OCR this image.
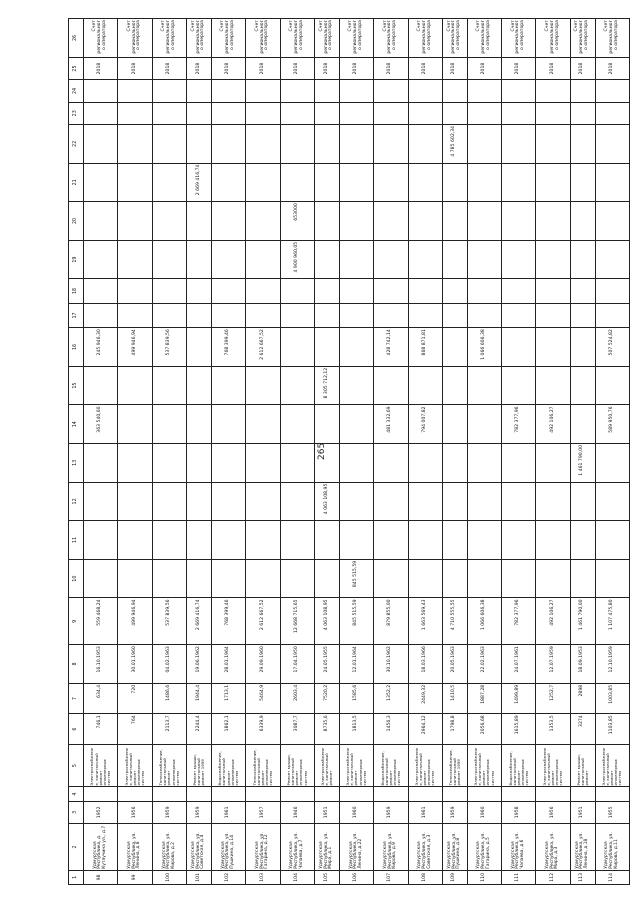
265
1	2	3	4	5	6	7	8	9	10	11	12	13	14	15	16	17	18	19	20	21	22	23	24	25	26
98	Удмуртская Республика, д. Кутлучина ул., д.7	1952		Электроснабжение, капитальный ремонт инженерных систем	746,1	634,4	16.10.1953	559 468,24					363 540,60		245 946,30									2018	Счет регионального оператора
99	Удмуртская Республика, ул. Ленина, д.8	1956		Электроснабжение, капитальный ремонт инженерных систем	764	720	30.01.1960	499 946,94							499 946,94									2018	Счет регионального оператора
100	Удмуртская Республика, ул. Кирова, д.2	1959		Теплоснабжение, капитальный ремонт инженерных систем	2113,7	1486,6	04.02.1963	537 839,56							537 839,56									2018	Счет регионального оператора
101	Удмуртская Республика, ул. Советская, д.4	1959		Ремонт крыши, капитальный ремонт 1959	2244,4	1944,4	19.06.1962	2 669 416,74												2 669 416,74				2018	Счет регионального оператора
102	Удмуртская Республика, ул. Пушкина, д.14	1961		Водоснабжение, капитальный ремонт инженерных систем	1862,1	1713,1	28.01.1964	768 399,46							768 399,46									2018	Счет регионального оператора
103	Удмуртская Республика, ул. Гагарина, д.12	1957		Теплоснабжение, капитальный ремонт инженерных систем	6339,9	5464,9	29.09.1960	2 612 667,52							2 612 667,52									2018	Счет регионального оператора
104	Удмуртская Республика, ул. Чапаева, д.7	1946		Ремонт крыши, капитальный ремонт инженерных систем	3087,7	2603,4	17.04.1950	12 668 715,65										4 900 960,05	653000					2018	Счет регионального оператора
105	Удмуртская Республика, ул. Мира, д.1	1951		Электроснабжение, капитальный ремонт	8735,6	7520,2	24.05.1955	4 063 108,95			4 063 108,95			8 305 712,12										2018	Счет регионального оператора
106	Удмуртская Республика, ул. Ленина, д.22	1960		Электроснабжение, капитальный ремонт инженерных систем	1813,5	1585,6	12.01.1964	845 515,59	845 515,59															2018	Счет регионального оператора
107	Удмуртская Республика, ул. Кирова, д.9	1959		Водоснабжение, капитальный ремонт инженерных систем	1456,3	1352,2	30.10.1962	879 855,00					481 332,69		428 742,14									2018	Счет регионального оператора
108	Удмуртская Республика, ул. Советская, д.3	1961		Электроснабжение, капитальный ремонт инженерных систем	2964,12	2449,32	18.03.1966	1 663 569,43					794 007,82		868 871,81									2018	Счет регионального оператора
109	Удмуртская Республика, ул. Пушкина, д.8	1959		Теплоснабжение, капитальный ремонт 1959	1798,8	1410,5	20.05.1963	4 710 555,55													4 785 602,34			2018	Счет регионального оператора
110	Удмуртская Республика, ул. Гагарина, д.5	1960		Электроснабжение, капитальный ремонт инженерных систем	2056,68	1887,28	22.02.1963	1 066 606,38							1 066 606,38									2018	Счет регионального оператора
111	Удмуртская Республика, ул. Чапаева, д.6	1958		Водоснабжение, капитальный ремонт инженерных систем	1615,89	1499,89	24.07.1961	782 377,96					782 377,96											2018	Счет регионального оператора
112	Удмуртская Республика, ул. Мира, д.3	1956		Электроснабжение, капитальный ремонт инженерных систем	1353,5	1252,7	12.07.1959	492 106,27					492 106,27											2018	Счет регионального оператора
113	Удмуртская Республика, ул. Ленина, д.18	1951		Ремонт крыши, капитальный ремонт	3274	2898	18.09.1953	1 461 790,00				1 461 790,00												2018	Счет регионального оператора
114	Удмуртская Республика, ул. Кирова, д.11	1955		Электроснабжение, капитальный ремонт инженерных систем	1103,85	1003,85	12.10.1959	1 107 475,80					589 950,76		507 524,82									2018	Счет регионального оператора
